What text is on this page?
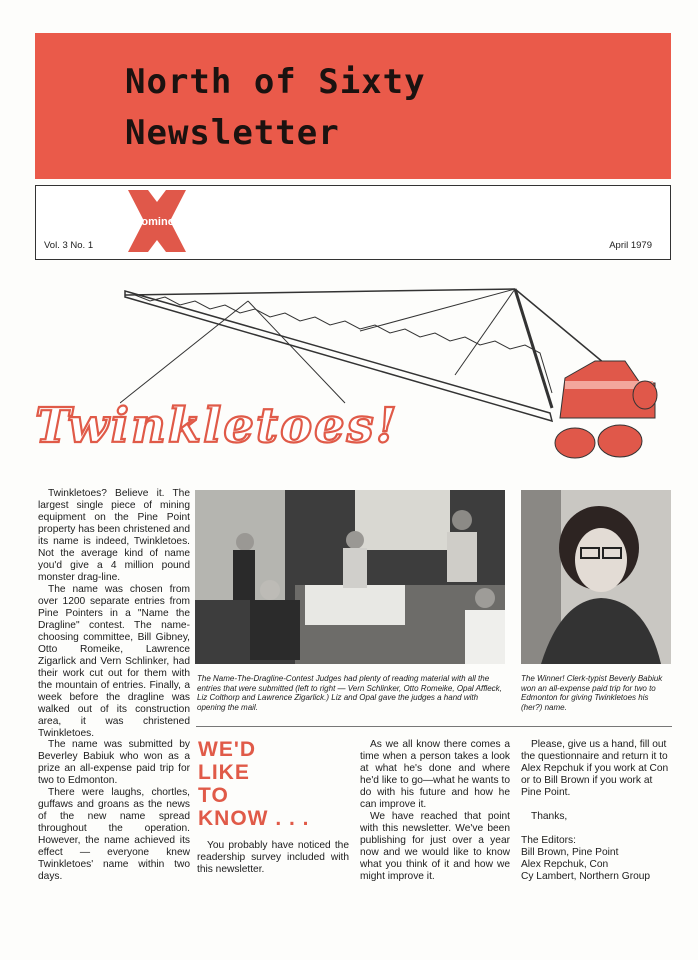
North of Sixty
Newsletter
Cominco
Vol. 3 No. 1	April 1979
Twinkletoes!

Twinkletoes? Believe it. The largest single piece of mining equipment on the Pine Point property has been christened and its name is indeed, Twinkletoes. Not the average kind of name you'd give a 4 million pound monster drag-line.

The name was chosen from over 1200 separate entries from Pine Pointers in a "Name the Dragline" contest. The name-choosing committee, Bill Gibney, Otto Romeike, Lawrence Zigarlick and Vern Schlinker, had their work cut out for them with the mountain of entries. Finally, a week before the dragline was walked out of its construction area, it was christened Twinkletoes.

The Name-The-Dragline-Contest Judges had plenty of reading material with all the entries that were submitted (left to right — Vern Schlinker, Otto Romeike, Opal Affleck, Liz Colthorp and Lawrence Zigarlick.) Liz and Opal gave the judges a hand with opening the mail.
The Winner! Clerk-typist Beverly Babiuk won an all-expense paid trip for two to Edmonton for giving Twinkletoes his (her?) name.

The name was submitted by Beverley Babiuk who won as a prize an all-expense paid trip for two to Edmonton.

There were laughs, chortles, guffaws and groans as the news of the new name spread throughout the operation. However, the name achieved its effect — everyone knew Twinkletoes' name within two days.

WE'D
LIKE
TO
KNOW . . .

You probably have noticed the readership survey included with this newsletter.

As we all know there comes a time when a person takes a look at what he's done and where he'd like to go—what he wants to do with his future and how he can improve it.

We have reached that point with this newsletter. We've been publishing for just over a year now and we would like to know what you think of it and how we might improve it.

Please, give us a hand, fill out the questionnaire and return it to Alex Repchuk if you work at Con or to Bill Brown if you work at Pine Point.

Thanks,

The Editors:

Bill Brown, Pine Point

Alex Repchuk, Con

Cy Lambert, Northern Group
